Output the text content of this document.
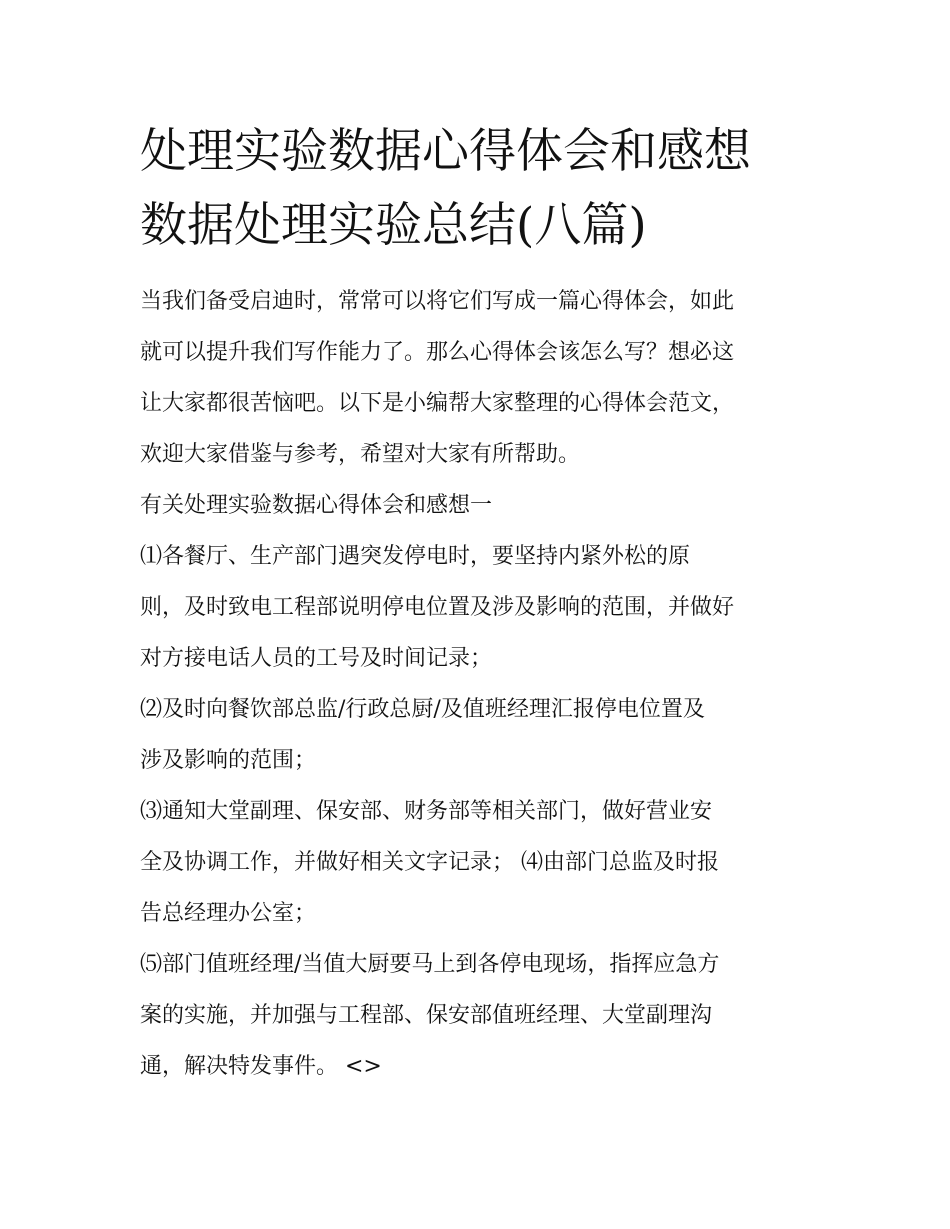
处理实验数据心得体会和感想
数据处理实验总结(八篇)

当我们备受启迪时，常常可以将它们写成一篇心得体会，如此
就可以提升我们写作能力了。那么心得体会该怎么写？想必这
让大家都很苦恼吧。以下是小编帮大家整理的心得体会范文，
欢迎大家借鉴与参考，希望对大家有所帮助。

有关处理实验数据心得体会和感想一

⑴各餐厅、生产部门遇突发停电时，要坚持内紧外松的原
则，及时致电工程部说明停电位置及涉及影响的范围，并做好
对方接电话人员的工号及时间记录；

⑵及时向餐饮部总监/行政总厨/及值班经理汇报停电位置及
涉及影响的范围；

⑶通知大堂副理、保安部、财务部等相关部门，做好营业安
全及协调工作，并做好相关文字记录； ⑷由部门总监及时报
告总经理办公室；

⑸部门值班经理/当值大厨要马上到各停电现场，指挥应急方
案的实施，并加强与工程部、保安部值班经理、大堂副理沟
通，解决特发事件。 <>
